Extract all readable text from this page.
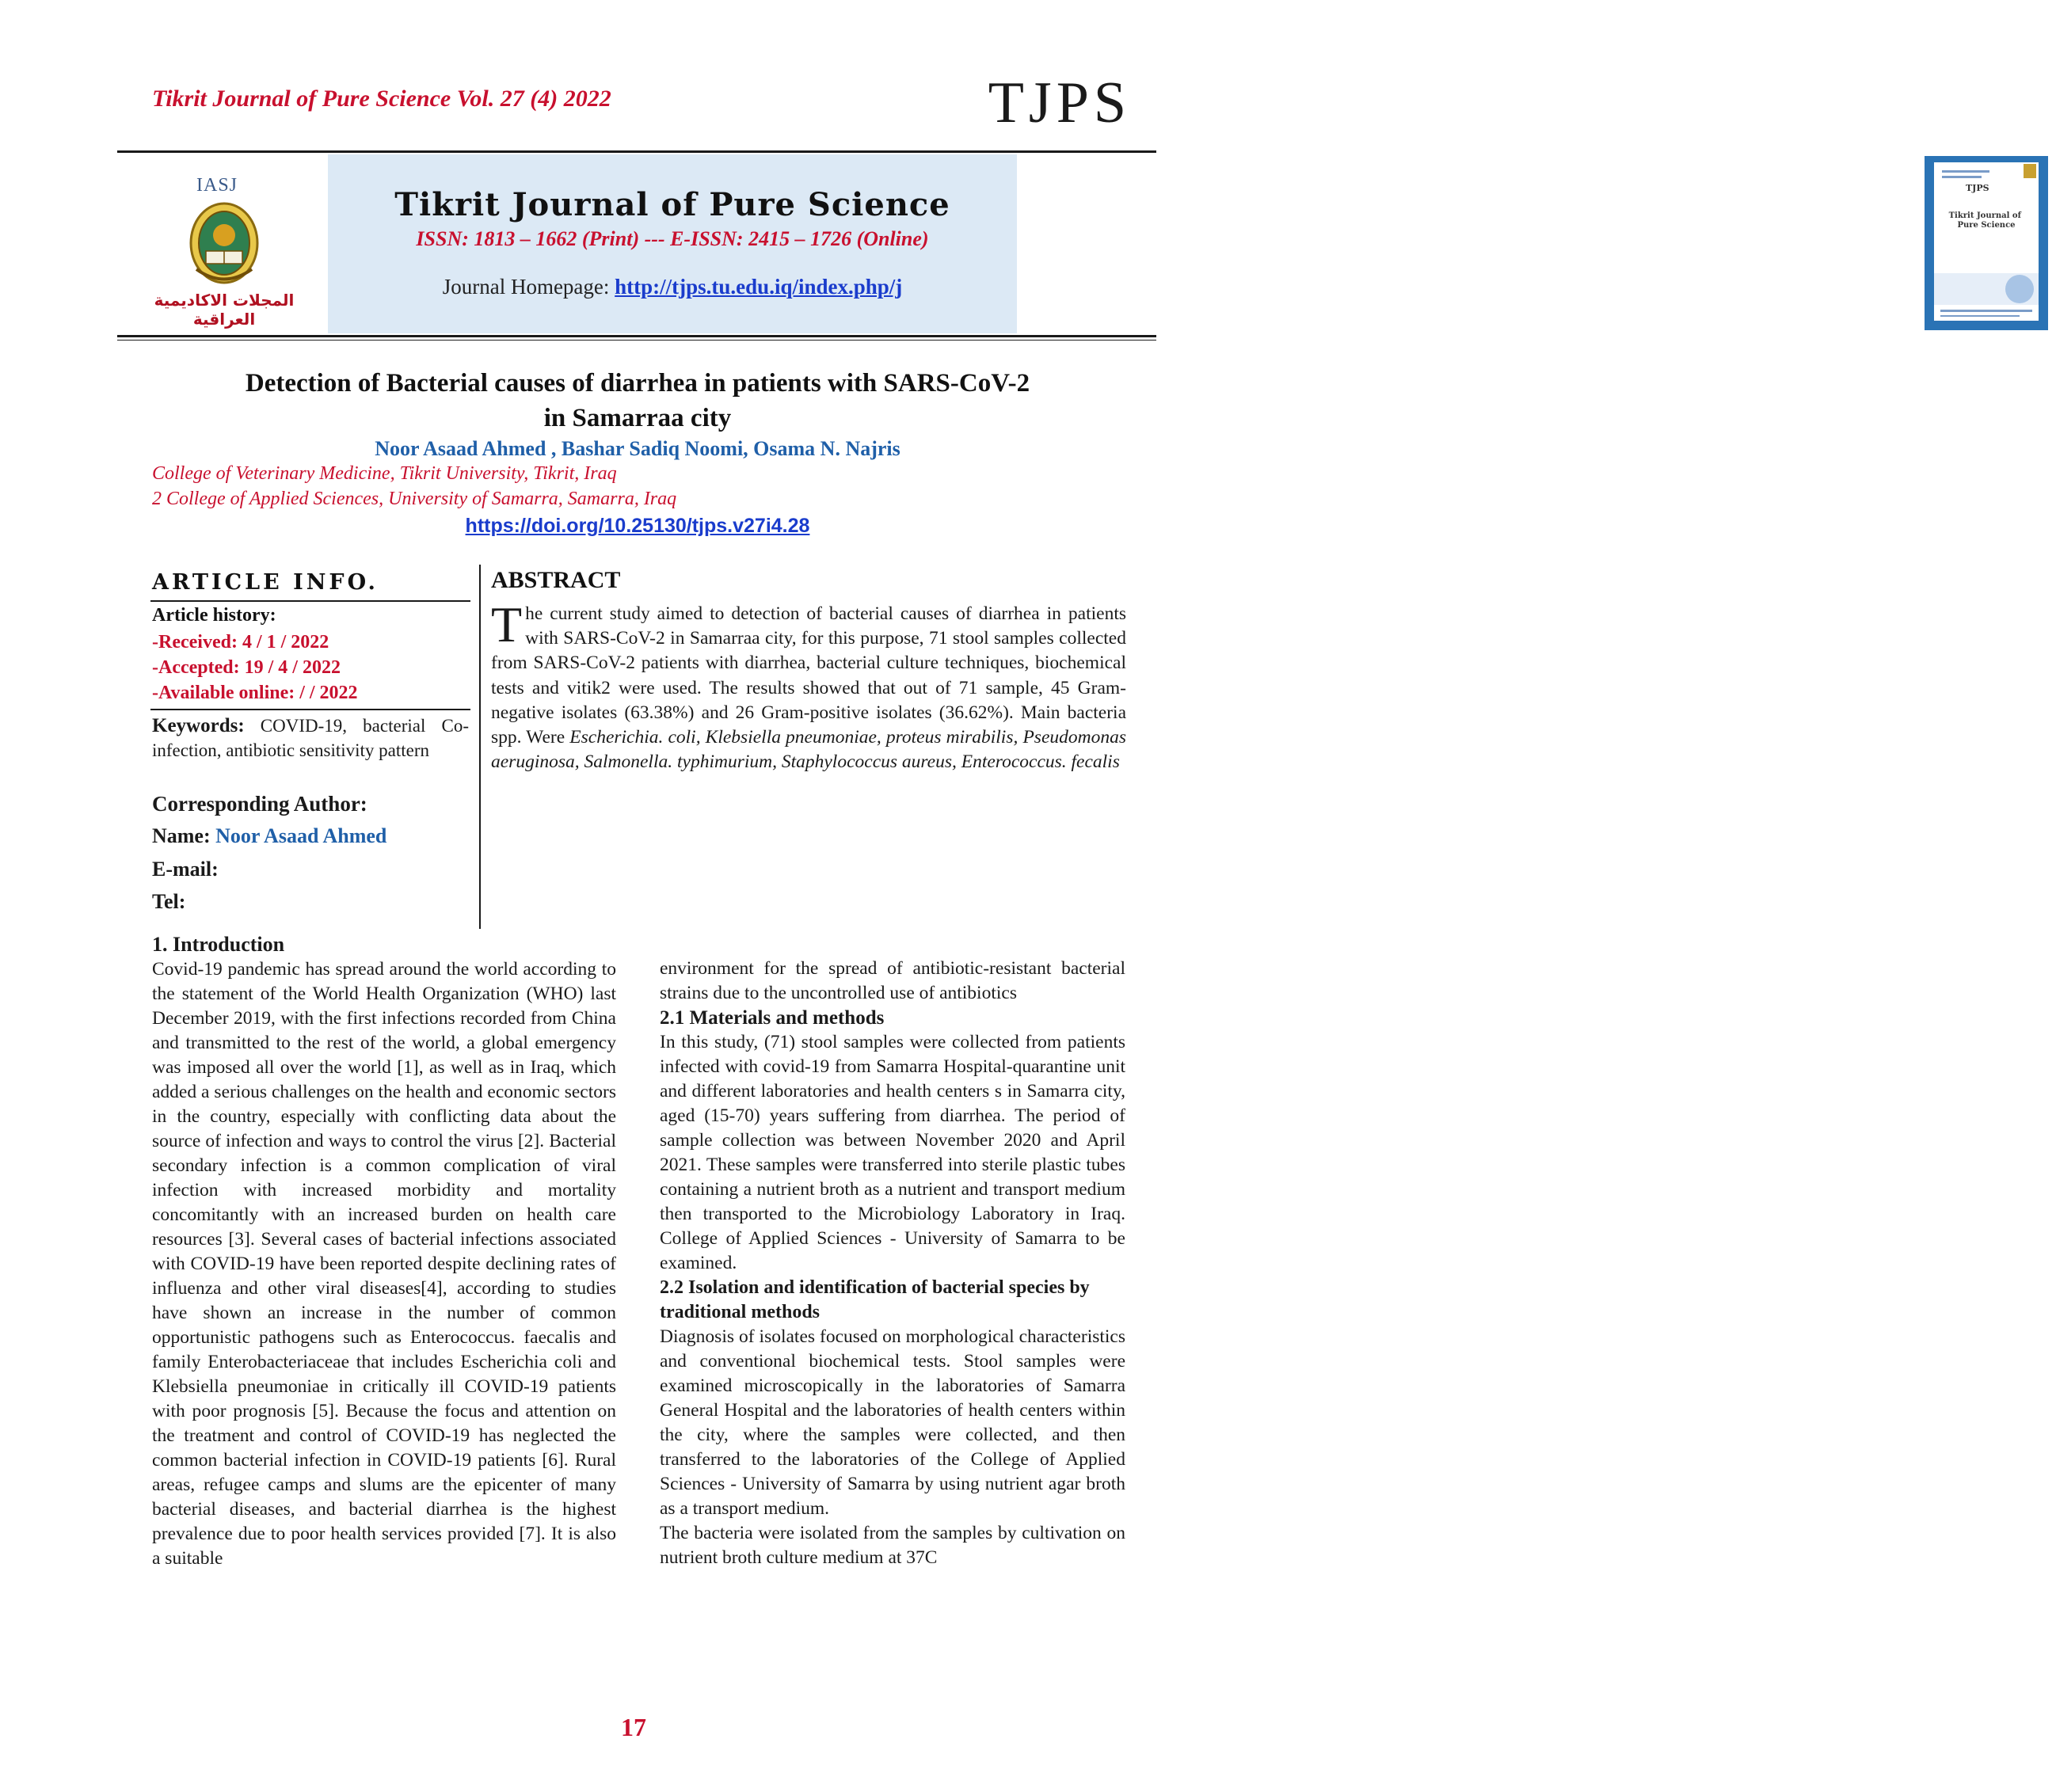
Tikrit Journal of Pure Science Vol. 27 (4) 2022	TJPS
IASJ
المجلات الاكاديمية العراقية
Tikrit Journal of Pure Science
ISSN: 1813 – 1662 (Print) --- E-ISSN: 2415 – 1726 (Online)
Journal Homepage: http://tjps.tu.edu.iq/index.php/j
TJPS
Tikrit Journal of Pure Science
Detection of Bacterial causes of diarrhea in patients with SARS-CoV-2
in Samarraa city
Noor Asaad Ahmed , Bashar Sadiq Noomi, Osama N. Najris
College of Veterinary Medicine, Tikrit University, Tikrit, Iraq
2 College of Applied Sciences, University of Samarra, Samarra, Iraq
https://doi.org/10.25130/tjps.v27i4.28
ARTICLE INFO.
Article history:
-Received: 4 / 1 / 2022
-Accepted: 19 / 4 / 2022
-Available online: / / 2022
Keywords: COVID-19, bacterial Co-infection, antibiotic sensitivity pattern
Corresponding Author:
Name: Noor Asaad Ahmed
E-mail:
Tel:
ABSTRACT
The current study aimed to detection of bacterial causes of diarrhea in patients with SARS-CoV-2 in Samarraa city, for this purpose, 71 stool samples collected from SARS-CoV-2 patients with diarrhea, bacterial culture techniques, biochemical tests and vitik2 were used. The results showed that out of 71 sample, 45 Gram-negative isolates (63.38%) and 26 Gram-positive isolates (36.62%). Main bacteria spp. Were Escherichia. coli, Klebsiella pneumoniae, proteus mirabilis, Pseudomonas aeruginosa, Salmonella. typhimurium, Staphylococcus aureus, Enterococcus. fecalis
1. Introduction

Covid-19 pandemic has spread around the world according to the statement of the World Health Organization (WHO) last December 2019, with the first infections recorded from China and transmitted to the rest of the world, a global emergency was imposed all over the world [1], as well as in Iraq, which added a serious challenges on the health and economic sectors in the country, especially with conflicting data about the source of infection and ways to control the virus [2]. Bacterial secondary infection is a common complication of viral infection with increased morbidity and mortality concomitantly with an increased burden on health care resources [3]. Several cases of bacterial infections associated with COVID-19 have been reported despite declining rates of influenza and other viral diseases[4], according to studies have shown an increase in the number of common opportunistic pathogens such as Enterococcus. faecalis and family Enterobacteriaceae that includes Escherichia coli and Klebsiella pneumoniae in critically ill COVID-19 patients with poor prognosis [5]. Because the focus and attention on the treatment and control of COVID-19 has neglected the common bacterial infection in COVID-19 patients [6]. Rural areas, refugee camps and slums are the epicenter of many bacterial diseases, and bacterial diarrhea is the highest prevalence due to poor health services provided [7]. It is also a suitable

environment for the spread of antibiotic-resistant bacterial strains due to the uncontrolled use of antibiotics

2.1 Materials and methods

In this study, (71) stool samples were collected from patients infected with covid-19 from Samarra Hospital-quarantine unit and different laboratories and health centers s in Samarra city, aged (15-70) years suffering from diarrhea. The period of sample collection was between November 2020 and April 2021. These samples were transferred into sterile plastic tubes containing a nutrient broth as a nutrient and transport medium then transported to the Microbiology Laboratory in Iraq. College of Applied Sciences - University of Samarra to be examined.

2.2 Isolation and identification of bacterial species by traditional methods

Diagnosis of isolates focused on morphological characteristics and conventional biochemical tests. Stool samples were examined microscopically in the laboratories of Samarra General Hospital and the laboratories of health centers within the city, where the samples were collected, and then transferred to the laboratories of the College of Applied Sciences - University of Samarra by using nutrient agar broth as a transport medium.

The bacteria were isolated from the samples by cultivation on nutrient broth culture medium at 37C

17
